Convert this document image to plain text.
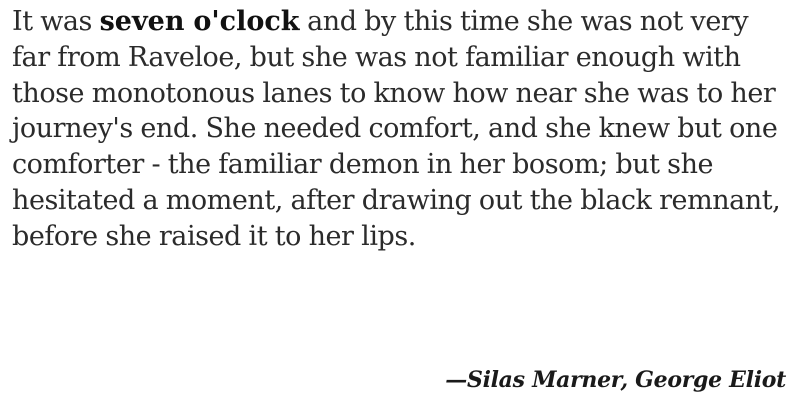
It was seven o'clock and by this time she was not very far from Raveloe, but she was not familiar enough with those monotonous lanes to know how near she was to her journey's end. She needed comfort, and she knew but one comforter - the familiar demon in her bosom; but she hesitated a moment, after drawing out the black remnant, before she raised it to her lips.

—Silas Marner, George Eliot
